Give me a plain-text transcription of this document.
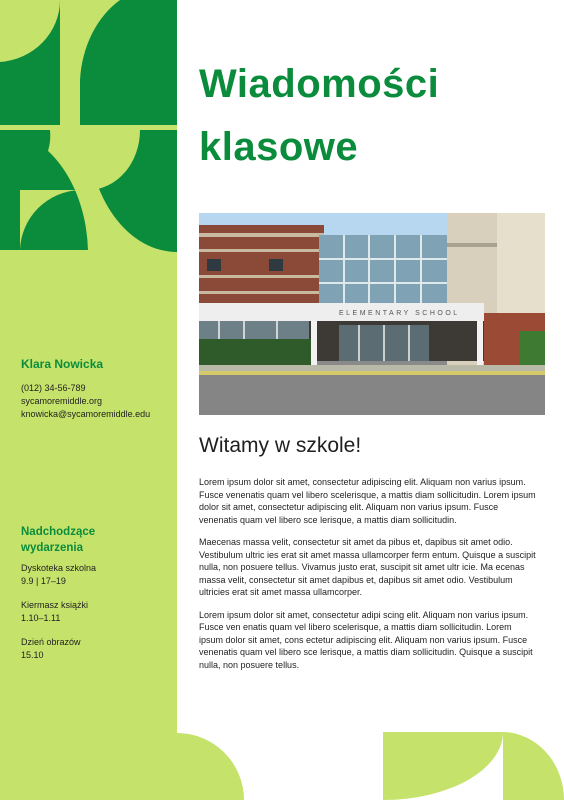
Klara Nowicka
(012) 34-56-789
sycamoremiddle.org
knowicka@sycamoremiddle.edu
Nadchodzące
wydarzenia
Dyskoteka szkolna
9.9 | 17–19
Kiermasz książki
1.10–1.11
Dzień obrazów
15.10
Wiadomości
klasowe
ELEMENTARY SCHOOL
Witamy w szkole!

Lorem ipsum dolor sit amet, consectetur adipiscing elit. Aliquam non varius ipsum. Fusce venenatis quam vel libero scelerisque, a mattis diam sollicitudin. Lorem ipsum dolor sit amet, consectetur adipiscing elit. Aliquam non varius ipsum. Fusce venenatis quam vel libero sce lerisque, a mattis diam sollicitudin.

Maecenas massa velit, consectetur sit amet da pibus et, dapibus sit amet odio. Vestibulum ultric ies erat sit amet massa ullamcorper ferm entum. Quisque a suscipit nulla, non posuere tellus. Vivamus justo erat, suscipit sit amet ultr icie. Ma ecenas massa velit, consectetur sit amet dapibus et, dapibus sit amet odio. Vestibulum ultricies erat sit amet massa ullamcorper.

Lorem ipsum dolor sit amet, consectetur adipi scing elit. Aliquam non varius ipsum. Fusce ven enatis quam vel libero scelerisque, a mattis diam sollicitudin. Lorem ipsum dolor sit amet, cons ectetur adipiscing elit. Aliquam non varius ipsum. Fusce venenatis quam vel libero sce lerisque, a mattis diam sollicitudin. Quisque a suscipit nulla, non posuere tellus.
